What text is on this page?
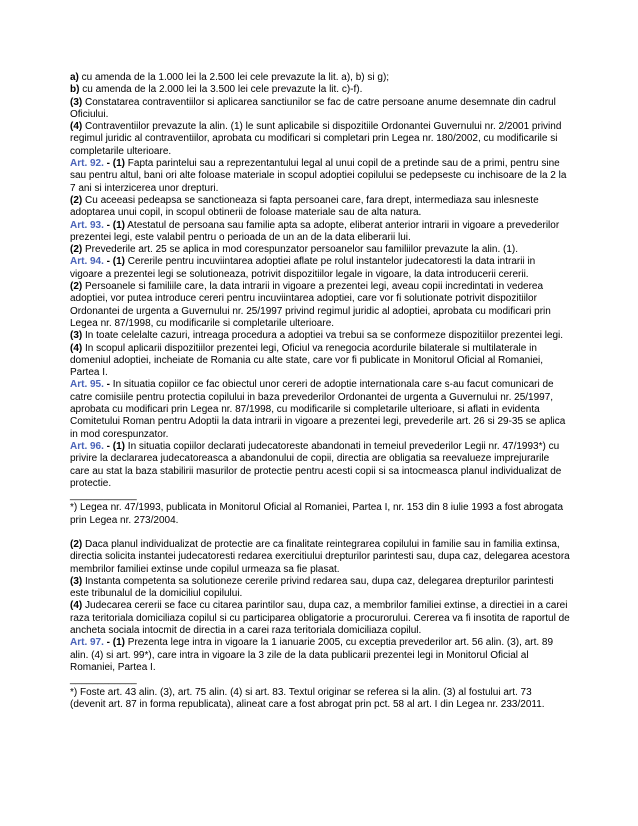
a) cu amenda de la 1.000 lei la 2.500 lei cele prevazute la lit. a), b) si g);

b) cu amenda de la 2.000 lei la 3.500 lei cele prevazute la lit. c)-f).

(3) Constatarea contraventiilor si aplicarea sanctiunilor se fac de catre persoane anume desemnate din cadrul Oficiului.

(4) Contraventiilor prevazute la alin. (1) le sunt aplicabile si dispozitiile Ordonantei Guvernului nr. 2/2001 privind regimul juridic al contraventiilor, aprobata cu modificari si completari prin Legea nr. 180/2002, cu modificarile si completarile ulterioare.

Art. 92. - (1) Fapta parintelui sau a reprezentantului legal al unui copil de a pretinde sau de a primi, pentru sine sau pentru altul, bani ori alte foloase materiale in scopul adoptiei copilului se pedepseste cu inchisoare de la 2 la 7 ani si interzicerea unor drepturi.

(2) Cu aceeasi pedeapsa se sanctioneaza si fapta persoanei care, fara drept, intermediaza sau inlesneste adoptarea unui copil, in scopul obtinerii de foloase materiale sau de alta natura.

Art. 93. - (1) Atestatul de persoana sau familie apta sa adopte, eliberat anterior intrarii in vigoare a prevederilor prezentei legi, este valabil pentru o perioada de un an de la data eliberarii lui.

(2) Prevederile art. 25 se aplica in mod corespunzator persoanelor sau familiilor prevazute la alin. (1).

Art. 94. - (1) Cererile pentru incuviintarea adoptiei aflate pe rolul instantelor judecatoresti la data intrarii in vigoare a prezentei legi se solutioneaza, potrivit dispozitiilor legale in vigoare, la data introducerii cererii.

(2) Persoanele si familiile care, la data intrarii in vigoare a prezentei legi, aveau copii incredintati in vederea adoptiei, vor putea introduce cereri pentru incuviintarea adoptiei, care vor fi solutionate potrivit dispozitiilor Ordonantei de urgenta a Guvernului nr. 25/1997 privind regimul juridic al adoptiei, aprobata cu modificari prin Legea nr. 87/1998, cu modificarile si completarile ulterioare.

(3) In toate celelalte cazuri, intreaga procedura a adoptiei va trebui sa se conformeze dispozitiilor prezentei legi.

(4) In scopul aplicarii dispozitiilor prezentei legi, Oficiul va renegocia acordurile bilaterale si multilaterale in domeniul adoptiei, incheiate de Romania cu alte state, care vor fi publicate in Monitorul Oficial al Romaniei, Partea I.

Art. 95. - In situatia copiilor ce fac obiectul unor cereri de adoptie internationala care s-au facut comunicari de catre comisiile pentru protectia copilului in baza prevederilor Ordonantei de urgenta a Guvernului nr. 25/1997, aprobata cu modificari prin Legea nr. 87/1998, cu modificarile si completarile ulterioare, si aflati in evidenta Comitetului Roman pentru Adoptii la data intrarii in vigoare a prezentei legi, prevederile art. 26 si 29-35 se aplica in mod corespunzator.

Art. 96. - (1) In situatia copiilor declarati judecatoreste abandonati in temeiul prevederilor Legii nr. 47/1993*) cu privire la declararea judecatoreasca a abandonului de copii, directia are obligatia sa reevalueze imprejurarile care au stat la baza stabilirii masurilor de protectie pentru acesti copii si sa intocmeasca planul individualizat de protectie.

____________

*) Legea nr. 47/1993, publicata in Monitorul Oficial al Romaniei, Partea I, nr. 153 din 8 iulie 1993 a fost abrogata prin Legea nr. 273/2004.

(2) Daca planul individualizat de protectie are ca finalitate reintegrarea copilului in familie sau in familia extinsa, directia solicita instantei judecatoresti redarea exercitiului drepturilor parintesti sau, dupa caz, delegarea acestora membrilor familiei extinse unde copilul urmeaza sa fie plasat.

(3) Instanta competenta sa solutioneze cererile privind redarea sau, dupa caz, delegarea drepturilor parintesti este tribunalul de la domiciliul copilului.

(4) Judecarea cererii se face cu citarea parintilor sau, dupa caz, a membrilor familiei extinse, a directiei in a carei raza teritoriala domiciliaza copilul si cu participarea obligatorie a procurorului. Cererea va fi insotita de raportul de ancheta sociala intocmit de directia in a carei raza teritoriala domiciliaza copilul.

Art. 97. - (1) Prezenta lege intra in vigoare la 1 ianuarie 2005, cu exceptia prevederilor art. 56 alin. (3), art. 89 alin. (4) si art. 99*), care intra in vigoare la 3 zile de la data publicarii prezentei legi in Monitorul Oficial al Romaniei, Partea I.

____________

*) Foste art. 43 alin. (3), art. 75 alin. (4) si art. 83. Textul originar se referea si la alin. (3) al fostului art. 73 (devenit art. 87 in forma republicata), alineat care a fost abrogat prin pct. 58 al art. I din Legea nr. 233/2011.
